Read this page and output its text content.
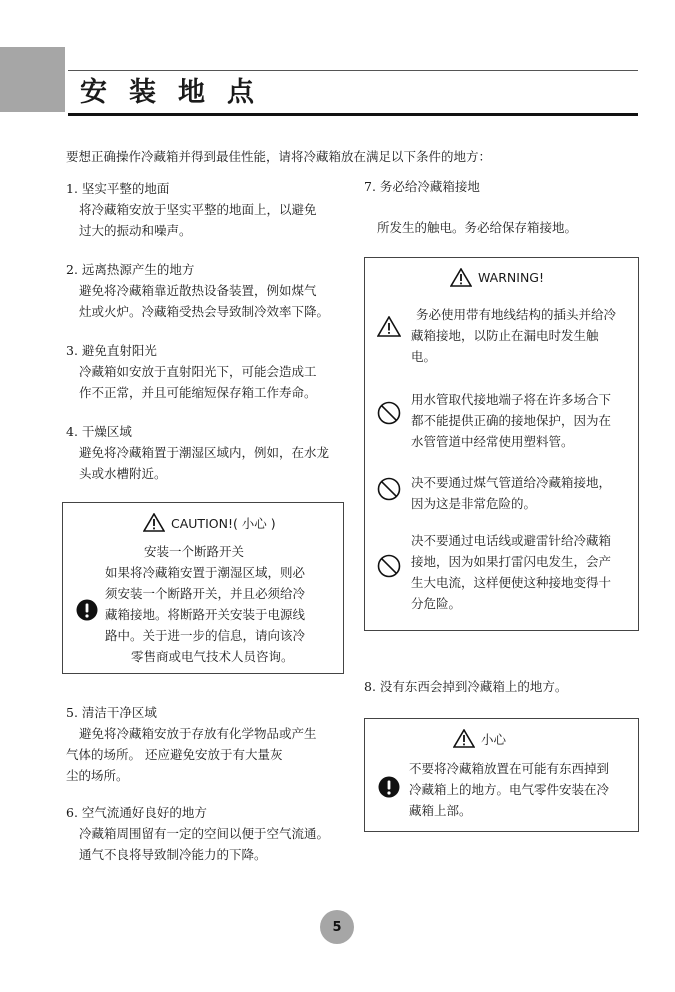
安装地点
要想正确操作冷藏箱并得到最佳性能，请将冷藏箱放在满足以下条件的地方：
1. 坚实平整的地面
将冷藏箱安放于坚实平整的地面上，以避免
过大的振动和噪声。
2. 远离热源产生的地方
避免将冷藏箱靠近散热设备装置，例如煤气
灶或火炉。冷藏箱受热会导致制冷效率下降。
3. 避免直射阳光
冷藏箱如安放于直射阳光下，可能会造成工
作不正常，并且可能缩短保存箱工作寿命。
4. 干燥区域
避免将冷藏箱置于潮湿区域内，例如，在水龙
头或水槽附近。
CAUTION!( 小心 )
安装一个断路开关
如果将冷藏箱安置于潮湿区域，则必
须安装一个断路开关，并且必须给冷
藏箱接地。将断路开关安装于电源线
路中。关于进一步的信息，请向该冷
零售商或电气技术人员咨询。
5. 清洁干净区域
避免将冷藏箱安放于存放有化学物品或产生
气体的场所。 还应避免安放于有大量灰
尘的场所。
6. 空气流通好良好的地方
冷藏箱周围留有一定的空间以便于空气流通。
通气不良将导致制冷能力的下降。
7. 务必给冷藏箱接地
所发生的触电。务必给保存箱接地。
WARNING!
务必使用带有地线结构的插头并给冷
藏箱接地，以防止在漏电时发生触
电。
用水管取代接地端子将在许多场合下
都不能提供正确的接地保护，因为在
水管管道中经常使用塑料管。
决不要通过煤气管道给冷藏箱接地，
因为这是非常危险的。
决不要通过电话线或避雷针给冷藏箱
接地，因为如果打雷闪电发生，会产
生大电流，这样便使这种接地变得十
分危险。
8. 没有东西会掉到冷藏箱上的地方。
小心
不要将冷藏箱放置在可能有东西掉到
冷藏箱上的地方。电气零件安装在冷
藏箱上部。
5
